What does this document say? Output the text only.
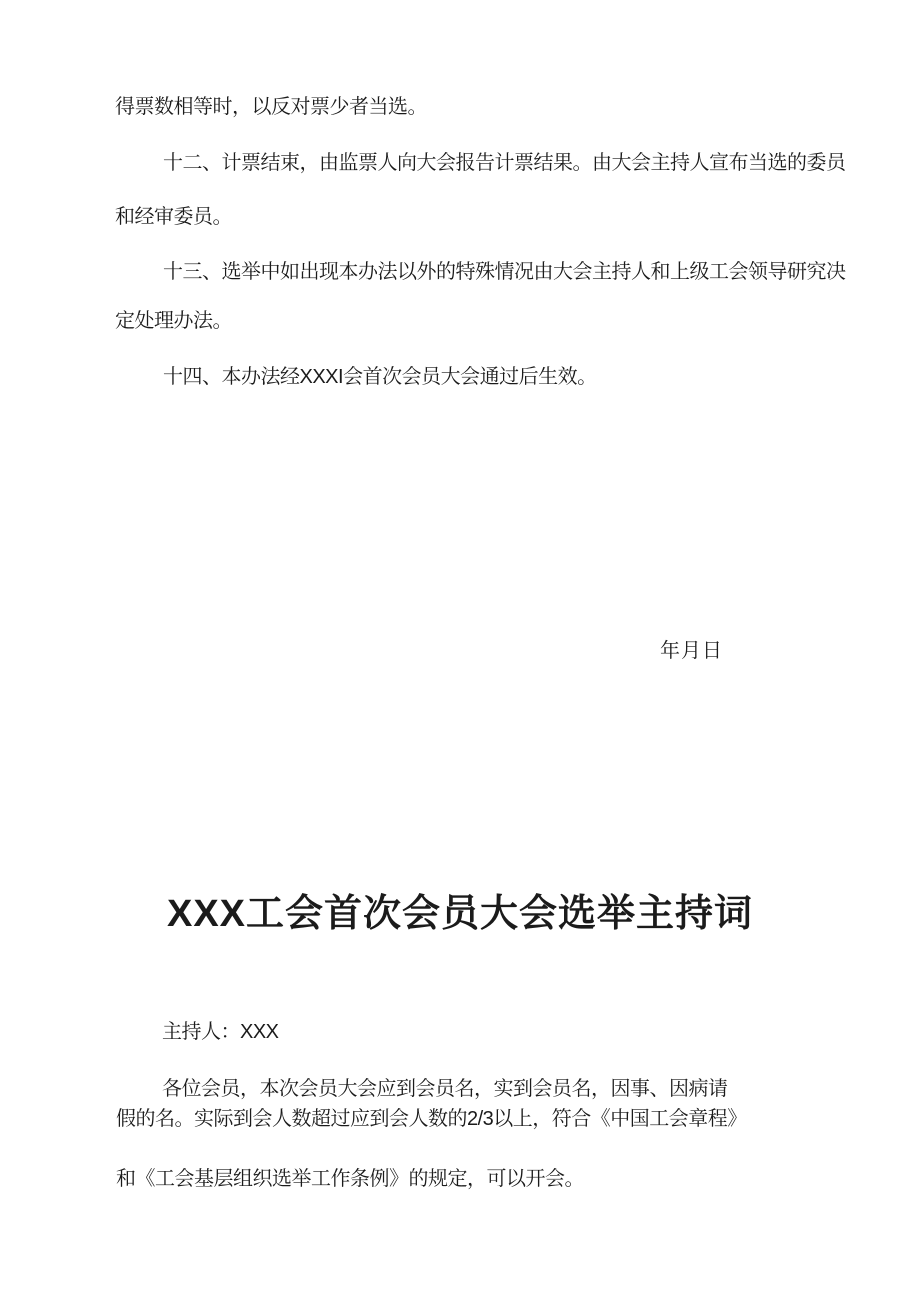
得票数相等时，以反对票少者当选。
十二、计票结束，由监票人向大会报告计票结果。由大会主持人宣布当选的委员
和经审委员。
十三、选举中如出现本办法以外的特殊情况由大会主持人和上级工会领导研究决
定处理办法。
十四、本办法经XXXI会首次会员大会通过后生效。
年月日
XXX工会首次会员大会选举主持词
主持人：XXX
各位会员，本次会员大会应到会员名，实到会员名，因事、因病请
假的名。实际到会人数超过应到会人数的2/3以上，符合《中国工会章程》
和《工会基层组织选举工作条例》的规定，可以开会。
